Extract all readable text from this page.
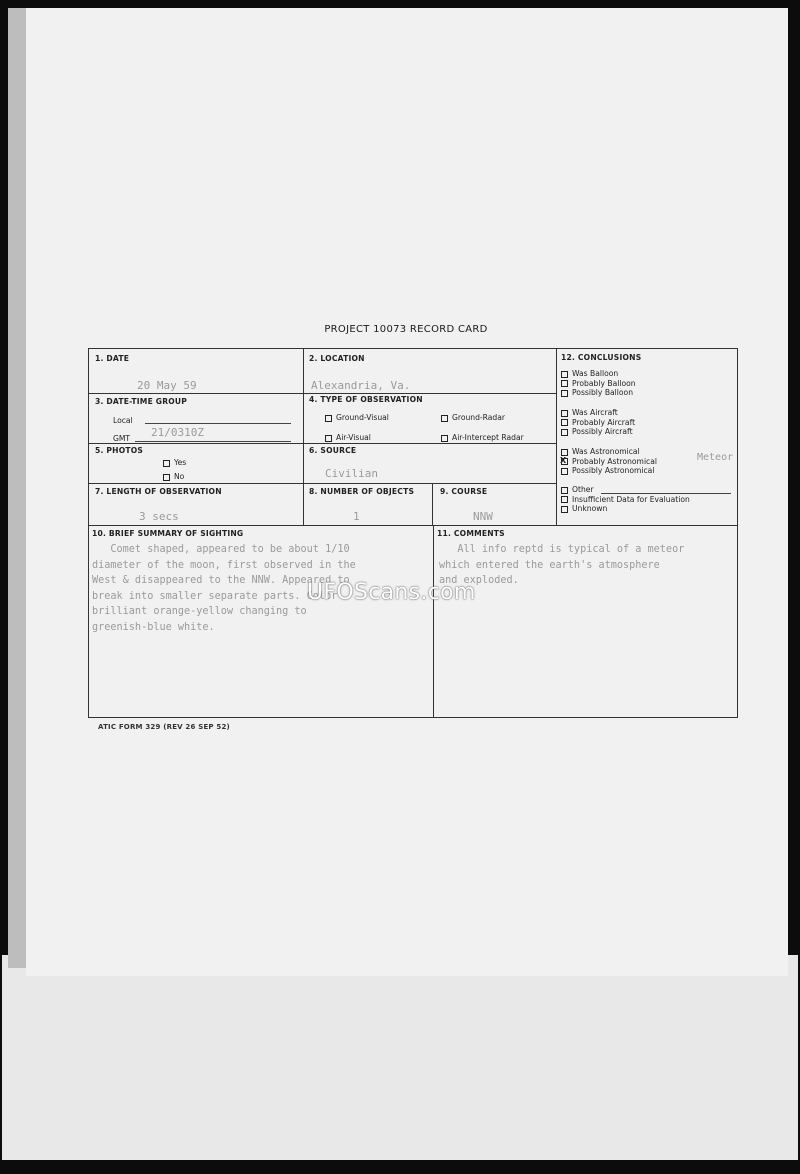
PROJECT 10073 RECORD CARD
1. DATE
20 May 59
2. LOCATION
Alexandria, Va.
3. DATE-TIME GROUP
Local
GMT 21/0310Z
4. TYPE OF OBSERVATION
Ground-Visual	Ground-Radar
Air-Visual	Air-Intercept Radar
5. PHOTOS
Yes
No
6. SOURCE
Civilian
7. LENGTH OF OBSERVATION
3 secs
8. NUMBER OF OBJECTS
1
9. COURSE
NNW
12. CONCLUSIONS
Was Balloon
Probably Balloon
Possibly Balloon
Was Aircraft
Probably Aircraft
Possibly Aircraft
Was Astronomical
X Probably Astronomical
Possibly Astronomical
Meteor
Other
Insufficient Data for Evaluation
Unknown
10. BRIEF SUMMARY OF SIGHTING
Comet shaped, appeared to be about 1/10
diameter of the moon, first observed in the
West & disappeared to the NNW. Appeared to
break into smaller separate parts. Color
brilliant orange-yellow changing to
greenish-blue white.
11. COMMENTS
All info reptd is typical of a meteor
which entered the earth's atmosphere
and exploded.
ATIC FORM 329 (REV 26 SEP 52)
UFOScans.com
